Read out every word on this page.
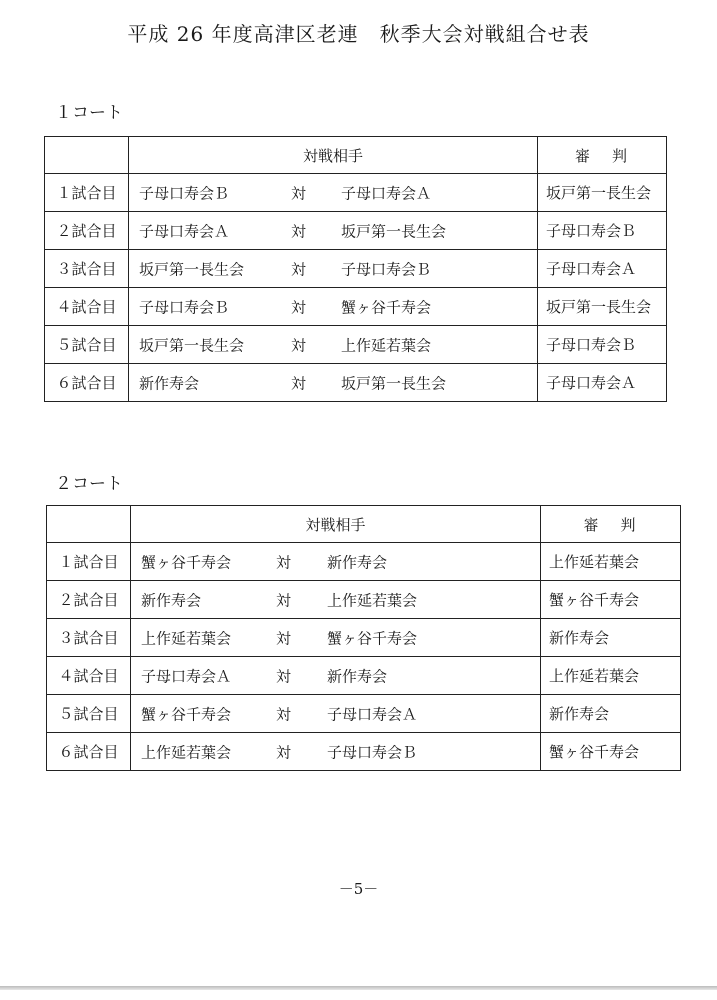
平成 26 年度高津区老連　秋季大会対戦組合せ表
１コート
	対戦相手	審判
１試合目	子母口寿会Ｂ 対 子母口寿会Ａ	坂戸第一長生会
２試合目	子母口寿会Ａ 対 坂戸第一長生会	子母口寿会Ｂ
３試合目	坂戸第一長生会 対 子母口寿会Ｂ	子母口寿会Ａ
４試合目	子母口寿会Ｂ 対 蟹ヶ谷千寿会	坂戸第一長生会
５試合目	坂戸第一長生会 対 上作延若葉会	子母口寿会Ｂ
６試合目	新作寿会 対 坂戸第一長生会	子母口寿会Ａ
２コート
	対戦相手	審判
１試合目	蟹ヶ谷千寿会 対 新作寿会	上作延若葉会
２試合目	新作寿会 対 上作延若葉会	蟹ヶ谷千寿会
３試合目	上作延若葉会 対 蟹ヶ谷千寿会	新作寿会
４試合目	子母口寿会Ａ 対 新作寿会	上作延若葉会
５試合目	蟹ヶ谷千寿会 対 子母口寿会Ａ	新作寿会
６試合目	上作延若葉会 対 子母口寿会Ｂ	蟹ヶ谷千寿会
－5－
